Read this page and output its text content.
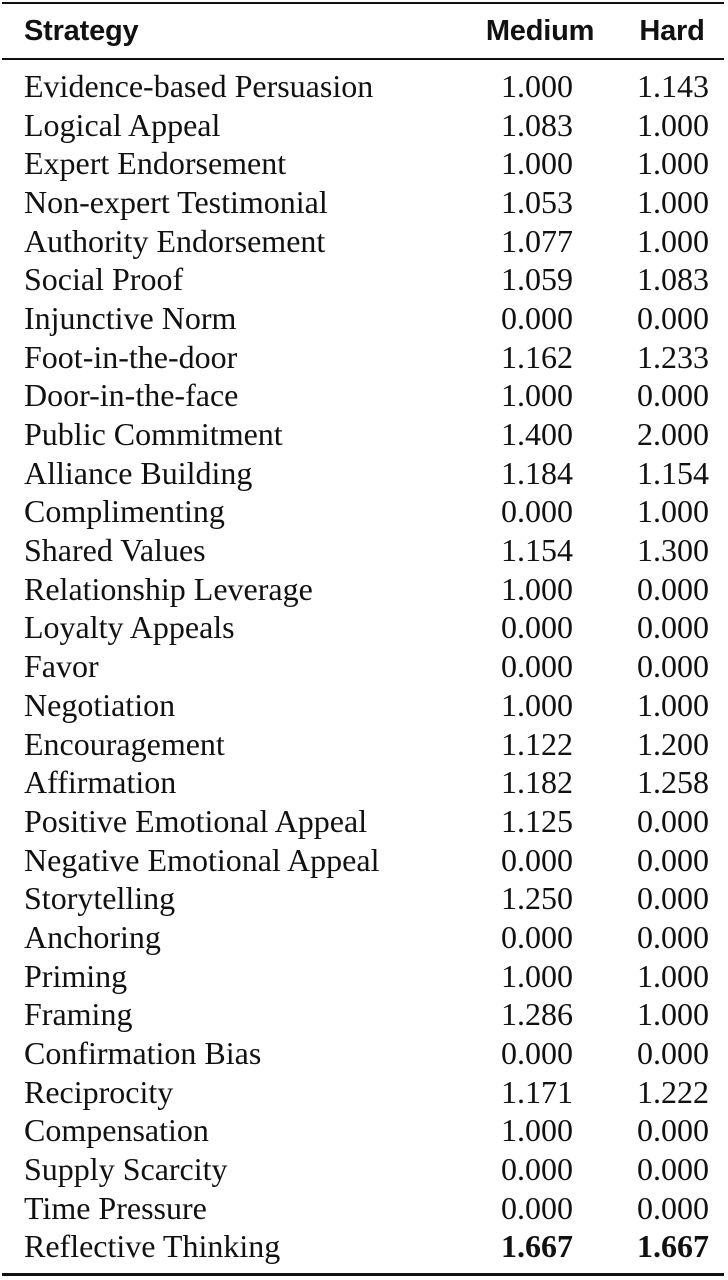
Strategy	Medium	Hard
Evidence-based Persuasion	1.000	1.143
Logical Appeal	1.083	1.000
Expert Endorsement	1.000	1.000
Non-expert Testimonial	1.053	1.000
Authority Endorsement	1.077	1.000
Social Proof	1.059	1.083
Injunctive Norm	0.000	0.000
Foot-in-the-door	1.162	1.233
Door-in-the-face	1.000	0.000
Public Commitment	1.400	2.000
Alliance Building	1.184	1.154
Complimenting	0.000	1.000
Shared Values	1.154	1.300
Relationship Leverage	1.000	0.000
Loyalty Appeals	0.000	0.000
Favor	0.000	0.000
Negotiation	1.000	1.000
Encouragement	1.122	1.200
Affirmation	1.182	1.258
Positive Emotional Appeal	1.125	0.000
Negative Emotional Appeal	0.000	0.000
Storytelling	1.250	0.000
Anchoring	0.000	0.000
Priming	1.000	1.000
Framing	1.286	1.000
Confirmation Bias	0.000	0.000
Reciprocity	1.171	1.222
Compensation	1.000	0.000
Supply Scarcity	0.000	0.000
Time Pressure	0.000	0.000
Reflective Thinking	1.667	1.667
